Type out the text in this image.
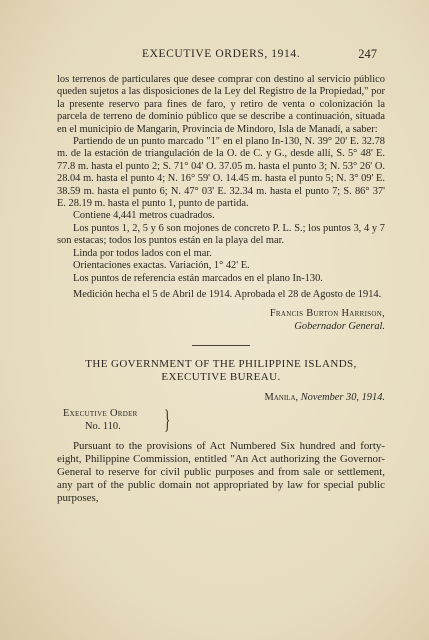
EXECUTIVE ORDERS, 1914.	247

los terrenos de particulares que desee comprar con destino al servicio público queden sujetos a las disposiciones de la Ley del Registro de la Propiedad," por la presente reservo para fines de faro, y retiro de venta o colonización la parcela de terreno de dominio público que se describe a continuación, situada en el municipio de Mangarin, Provincia de Mindoro, Isla de Manadí, a saber:

Partiendo de un punto marcado "1" en el plano In-130, N. 39° 20' E. 32.78 m. de la estación de triangulación de la O. de C. y G., desde allí, S. 5° 48' E. 77.8 m. hasta el punto 2; S. 71° 04' O. 37.05 m. hasta el punto 3; N. 53° 26' O. 28.04 m. hasta el punto 4; N. 16° 59' O. 14.45 m. hasta el punto 5; N. 3° 09' E. 38.59 m. hasta el punto 6; N. 47° 03' E. 32.34 m. hasta el punto 7; S. 86° 37' E. 28.19 m. hasta el punto 1, punto de partida.

Contiene 4,441 metros cuadrados.

Los puntos 1, 2, 5 y 6 son mojones de concreto P. L. S.; los puntos 3, 4 y 7 son estacas; todos los puntos están en la playa del mar.

Linda por todos lados con el mar.

Orientaciones exactas. Variación, 1° 42' E.

Los puntos de referencia están marcados en el plano In-130.

Medición hecha el 5 de Abril de 1914. Aprobada el 28 de Agosto de 1914.

Francis Burton Harrison,
Gobernador General.

THE GOVERNMENT OF THE PHILIPPINE ISLANDS,
EXECUTIVE BUREAU.

Manila, November 30, 1914.

Executive Order
No. 110. }

Pursuant to the provisions of Act Numbered Six hundred and forty-eight, Philippine Commission, entitled "An Act authorizing the Governor-General to reserve for civil public purposes and from sale or settlement, any part of the public domain not appropriated by law for special public purposes,
